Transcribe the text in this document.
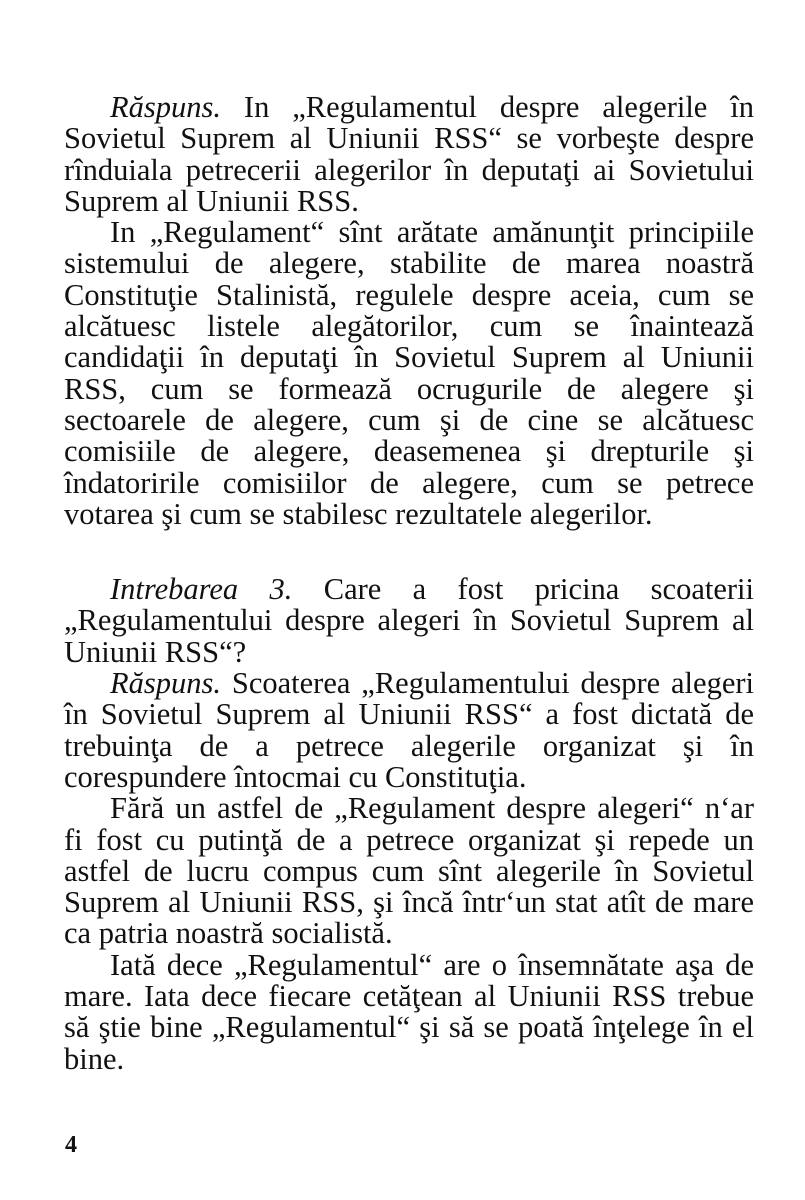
Răspuns. In „Regulamentul despre alegerile în Sovietul Suprem al Uniunii RSS“ se vorbeşte despre rînduiala petrecerii alegerilor în deputaţi ai Sovietului Suprem al Uniunii RSS.

In „Regulament“ sînt arătate amănunţit principiile sistemului de alegere, stabilite de marea noastră Constituţie Stalinistă, regulele despre aceia, cum se alcătuesc listele alegătorilor, cum se înaintează candidaţii în deputaţi în Sovietul Suprem al Uniunii RSS, cum se formează ocrugurile de alegere şi sectoarele de alegere, cum şi de cine se alcătuesc comisiile de alegere, deasemenea şi drepturile şi îndatoririle comisiilor de alegere, cum se petrece votarea şi cum se stabilesc rezultatele alegerilor.

Intrebarea 3. Care a fost pricina scoaterii „Regulamentului despre alegeri în Sovietul Suprem al Uniunii RSS“?

Răspuns. Scoaterea „Regulamentului despre alegeri în Sovietul Suprem al Uniunii RSS“ a fost dictată de trebuinţa de a petrece alegerile organizat şi în corespundere întocmai cu Constituţia.

Fără un astfel de „Regulament despre alegeri“ n‘ar fi fost cu putinţă de a petrece organizat şi repede un astfel de lucru compus cum sînt alegerile în Sovietul Suprem al Uniunii RSS, şi încă într‘un stat atît de mare ca patria noastră socialistă.

Iată dece „Regulamentul“ are o însemnătate aşa de mare. Iata dece fiecare cetăţean al Uniunii RSS trebue să ştie bine „Regulamentul“ şi să se poată înţelege în el bine.

4
